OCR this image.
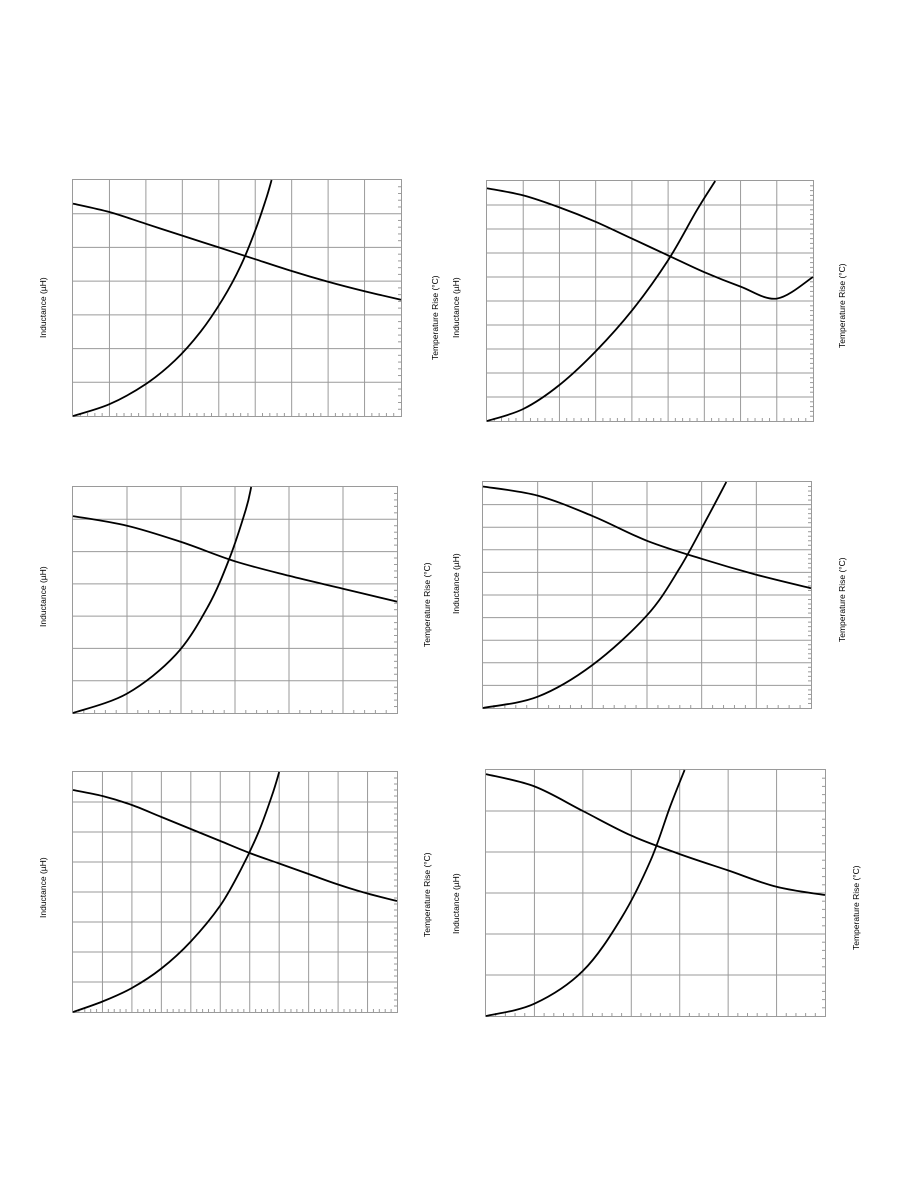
Inductance (µH)	Temperature Rise (°C) Inductance (µH)	Temperature Rise (°C)
Inductance (µH)	Temperature Rise (°C) Inductance (µH)	Temperature Rise (°C)
Inductance (µH)	Temperature Rise (°C) Inductance (µH)	Temperature Rise (°C)
